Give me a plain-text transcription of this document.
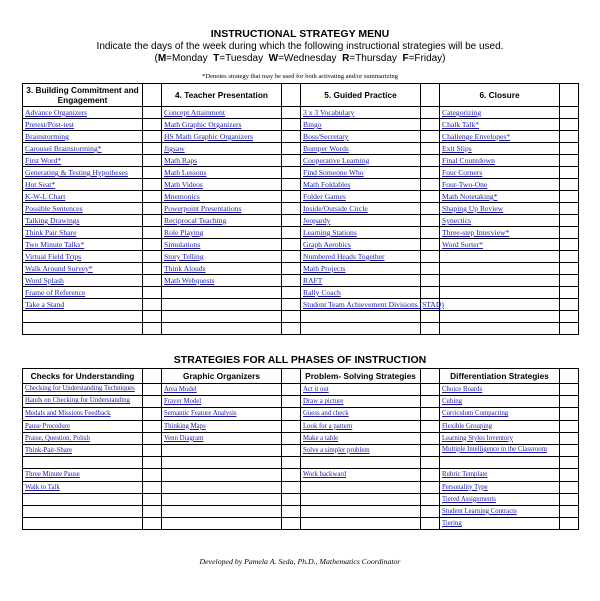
INSTRUCTIONAL STRATEGY MENU
Indicate the days of the week during which the following instructional strategies will be used.
(M=Monday  T=Tuesday  W=Wednesday  R=Thursday  F=Friday)
*Denotes strategy that may be used for both activating and/or summarizing
3. Building Commitment and Engagement		4. Teacher Presentation		5. Guided Practice		6. Closure	
Advance Organizers		Concept Attainment		3 x 3 Vocabulary		Categorizing	
Pretest/Post-test		Math Graphic Organizers		Bingo		Chalk Talk*	
Brainstorming		HS Math Graphic Organizers		Boss/Secretary		Challenge Envelopes*	
Carousel Brainstorming*		Jigsaw		Bumper Words		Exit Slips	
First Word*		Math Raps		Cooperative Learning		Final Countdown	
Generating & Testing Hypotheses		Math Lessons		Find Someone Who		Four Corners	
Hot Seat*		Math Videos		Math Foldables		Four-Two-One	
K-W-L Chart		Mnemonics		Folder Games		Math Notetaking*	
Possible Sentences		Powerpoint Presentations		Inside/Outside Circle		Shaping Up Review	
Talking Drawings		Reciprocal Teaching		Jeopardy		Synectics	
Think Pair Share		Role Playing		Learning Stations		Three-step Interview*	
Two Minute Talks*		Simulations		Graph Aerobics		Word Sorter*	
Virtual Field Trips		Story Telling		Numbered Heads Together			
Walk Around Survey*		Think Alouds		Math Projects			
Word Splash		Math Webquests		RAFT			
Frame of Reference				Rally Coach			
Take a Stand				Student Team Achievement Divisions (STAD)			

STRATEGIES FOR ALL PHASES OF INSTRUCTION
Checks for Understanding		Graphic Organizers		Problem- Solving Strategies		Differentiation Strategies	
Checking for Understanding Techniques		Area Model		Act it out		Choice Boards	
Hands on Checking for Understanding		Frayer Model		Draw a picture		Cubing	
Medals and Missions Feedback		Semantic Feature Analysis		Guess and check		Curriculum Compacting	
Pause Procedure		Thinking Maps		Look for a pattern		Flexible Grouping	
Praise, Question, Polish		Venn Diagram		Make a table		Learning Styles Inventory	
Think-Pair-Share				Solve a simpler problem		Multiple Intelligence in the Classroom	

Three Minute Pause				Work backward		Rubric Template	
Walk to Talk						Personality Type	
						Tiered Assignments	
						Student Learning Contracts	
						Tiering	
Developed by Pamela A. Seda, Ph.D., Mathematics Coordinator
